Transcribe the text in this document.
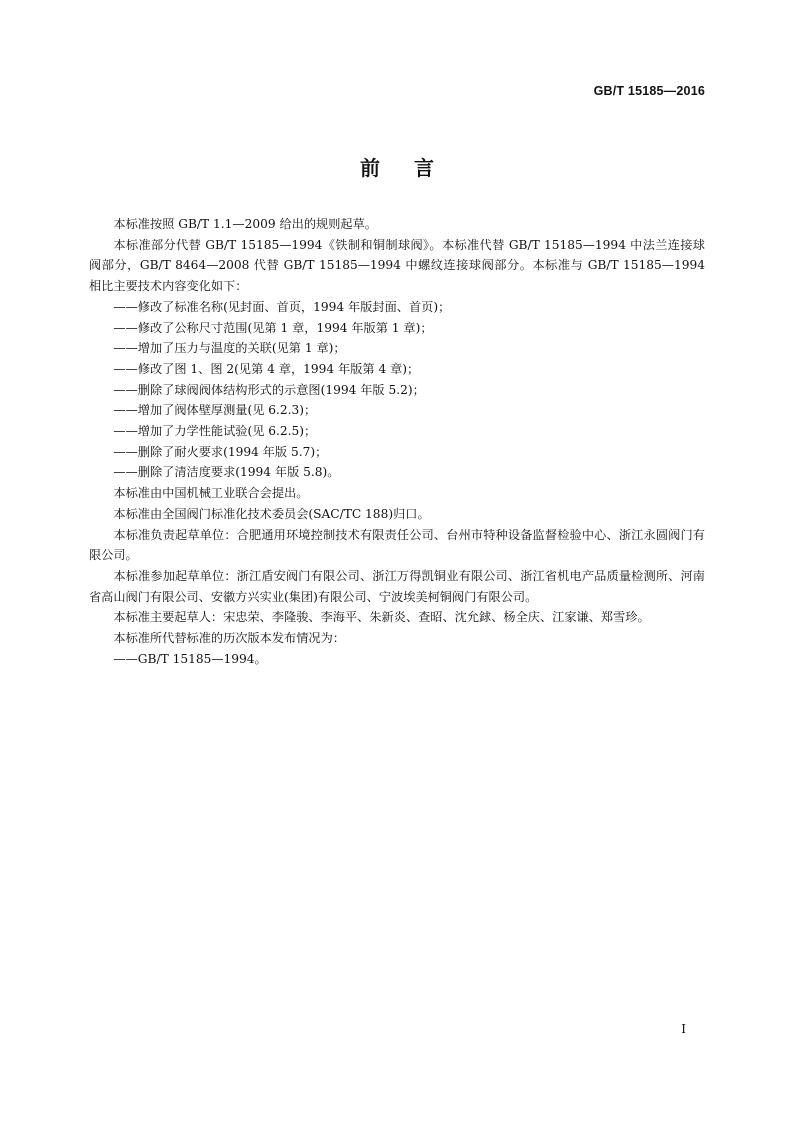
GB/T 15185—2016
前言

本标准按照 GB/T 1.1—2009 给出的规则起草。

本标准部分代替 GB/T 15185—1994《铁制和铜制球阀》。本标准代替 GB/T 15185—1994 中法兰连接球阀部分，GB/T 8464—2008 代替 GB/T 15185—1994 中螺纹连接球阀部分。本标准与 GB/T 15185—1994 相比主要技术内容变化如下：

——修改了标准名称(见封面、首页，1994 年版封面、首页)；

——修改了公称尺寸范围(见第 1 章，1994 年版第 1 章)；

——增加了压力与温度的关联(见第 1 章)；

——修改了图 1、图 2(见第 4 章，1994 年版第 4 章)；

——删除了球阀阀体结构形式的示意图(1994 年版 5.2)；

——增加了阀体壁厚测量(见 6.2.3)；

——增加了力学性能试验(见 6.2.5)；

——删除了耐火要求(1994 年版 5.7)；

——删除了清洁度要求(1994 年版 5.8)。

本标准由中国机械工业联合会提出。

本标准由全国阀门标准化技术委员会(SAC/TC 188)归口。

本标准负责起草单位：合肥通用环境控制技术有限责任公司、台州市特种设备监督检验中心、浙江永圆阀门有限公司。

本标准参加起草单位：浙江盾安阀门有限公司、浙江万得凯铜业有限公司、浙江省机电产品质量检测所、河南省高山阀门有限公司、安徽方兴实业(集团)有限公司、宁波埃美柯铜阀门有限公司。

本标准主要起草人：宋忠荣、李隆骏、李海平、朱新炎、查昭、沈允銶、杨全庆、江家谦、郑雪珍。

本标准所代替标准的历次版本发布情况为：

——GB/T 15185—1994。

I
